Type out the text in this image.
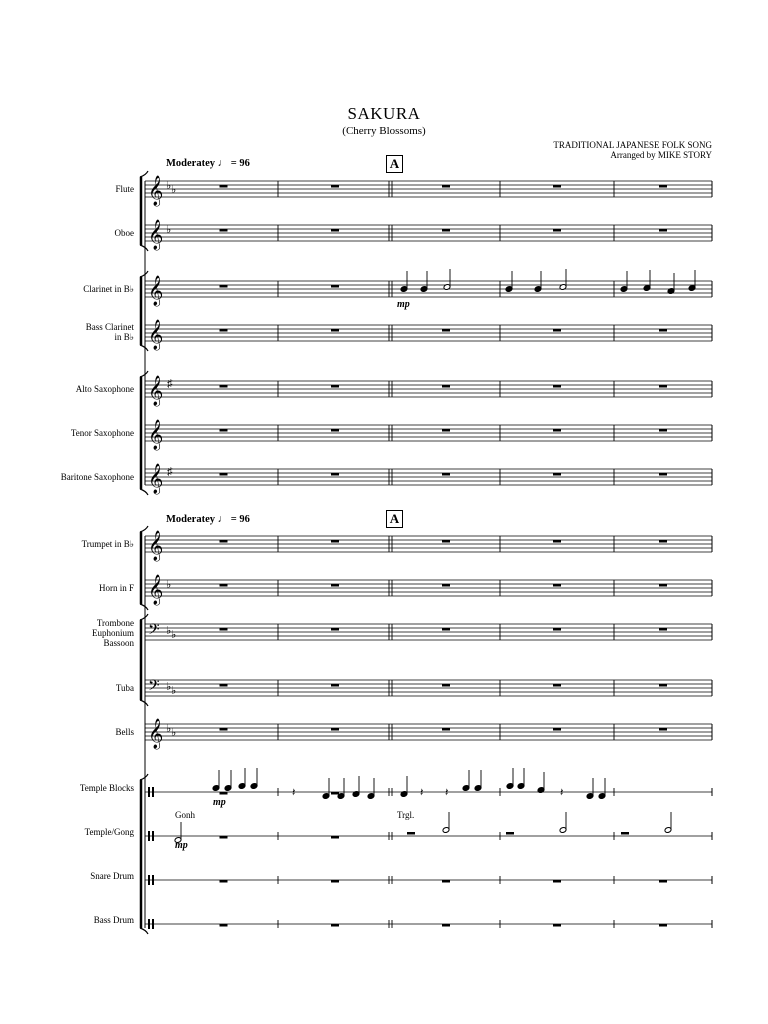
SAKURA
(Cherry Blossoms)
TRADITIONAL JAPANESE FOLK SONG
Arranged by MIKE STORY
𝄞 ♭ ♭
𝄞 ♭
𝄞
𝄞
𝄞 ♯
𝄞
𝄞 ♯
𝄞
𝄞 ♭
𝄢 ♭ ♭
𝄢 ♭ ♭
𝄞 ♭ ♭
𝄽	𝄽 𝄽	𝄽
Moderatey ♩ = 96	A
Moderatey ♩ = 96	A
Flute
Oboe
Clarinet in B♭
Bass Clarinet
in B♭
Alto Saxophone
Tenor Saxophone
Baritone Saxophone
Trumpet in B♭
Horn in F
Trombone
Euphonium
Bassoon
Tuba
Bells
Temple Blocks
Temple/Gong
Snare Drum
Bass Drum
mp
mp
Gonh
mp
Trgl.
